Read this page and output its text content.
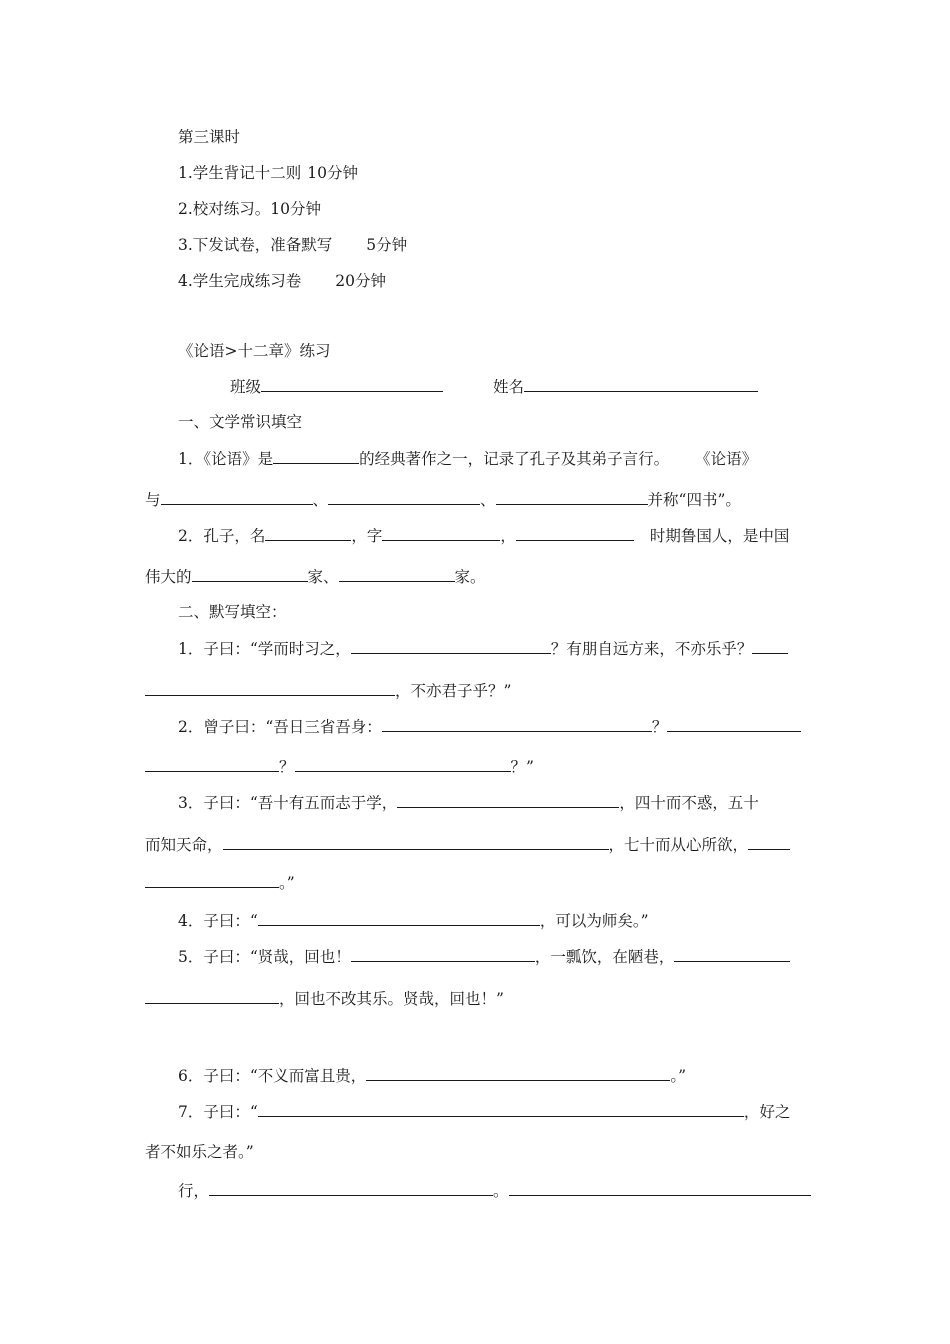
第三课时
1.学生背记十二则 10分钟
2.校对练习。10分钟
3.下发试卷，准备默写 5分钟
4.学生完成练习卷 20分钟
《论语>十二章》练习
班级	姓名
一、文学常识填空
1．《论语》是	的经典著作之一，记录了孔子及其弟子言行。 《论语》
与	、	、	并称“四书”。
2．孔子，名	，字	，	时期鲁国人，是中国
伟大的	家、	家。
二、默写填空：
1．子曰：“学而时习之，	？有朋自远方来，不亦乐乎？
，不亦君子乎？”
2．曾子曰：“吾日三省吾身：	？
？	？”
3．子曰：“吾十有五而志于学，	，四十而不惑，五十
而知天命，	，七十而从心所欲，
。”
4．子曰：“	，可以为师矣。”
5．子曰：“贤哉，回也！	，一瓢饮，在陋巷，
，回也不改其乐。贤哉，回也！”
6．子曰：“不义而富且贵，	。”
7．子曰：“	，好之
者不如乐之者。”
行，	。
